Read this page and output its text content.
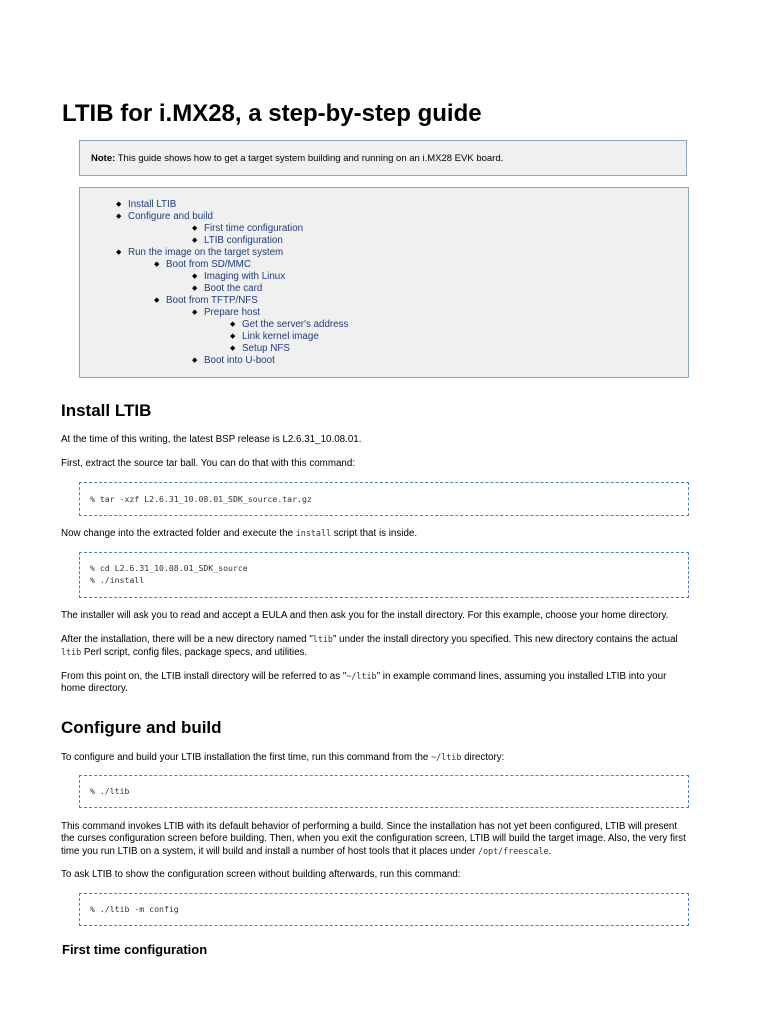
LTIB for i.MX28, a step-by-step guide
Note: This guide shows how to get a target system building and running on an i.MX28 EVK board.
◆ Install LTIB
◆ Configure and build
◆ First time configuration
◆ LTIB configuration
◆ Run the image on the target system
◆ Boot from SD/MMC
◆ Imaging with Linux
◆ Boot the card
◆ Boot from TFTP/NFS
◆ Prepare host
◆ Get the server's address
◆ Link kernel image
◆ Setup NFS
◆ Boot into U-boot
Install LTIB

At the time of this writing, the latest BSP release is L2.6.31_10.08.01.

First, extract the source tar ball. You can do that with this command:

% tar -xzf L2.6.31_10.08.01_SDK_source.tar.gz

Now change into the extracted folder and execute the install script that is inside.

% cd L2.6.31_10.08.01_SDK_source
% ./install

The installer will ask you to read and accept a EULA and then ask you for the install directory. For this example, choose your home directory.

After the installation, there will be a new directory named "ltib" under the install directory you specified. This new directory contains the actual
ltib Perl script, config files, package specs, and utilities.

From this point on, the LTIB install directory will be referred to as "~/ltib" in example command lines, assuming you installed LTIB into your
home directory.

Configure and build

To configure and build your LTIB installation the first time, run this command from the ~/ltib directory:

% ./ltib

This command invokes LTIB with its default behavior of performing a build. Since the installation has not yet been configured, LTIB will present
the curses configuration screen before building. Then, when you exit the configuration screen, LTIB will build the target image. Also, the very first
time you run LTIB on a system, it will build and install a number of host tools that it places under /opt/freescale.

To ask LTIB to show the configuration screen without building afterwards, run this command:

% ./ltib -m config
First time configuration
